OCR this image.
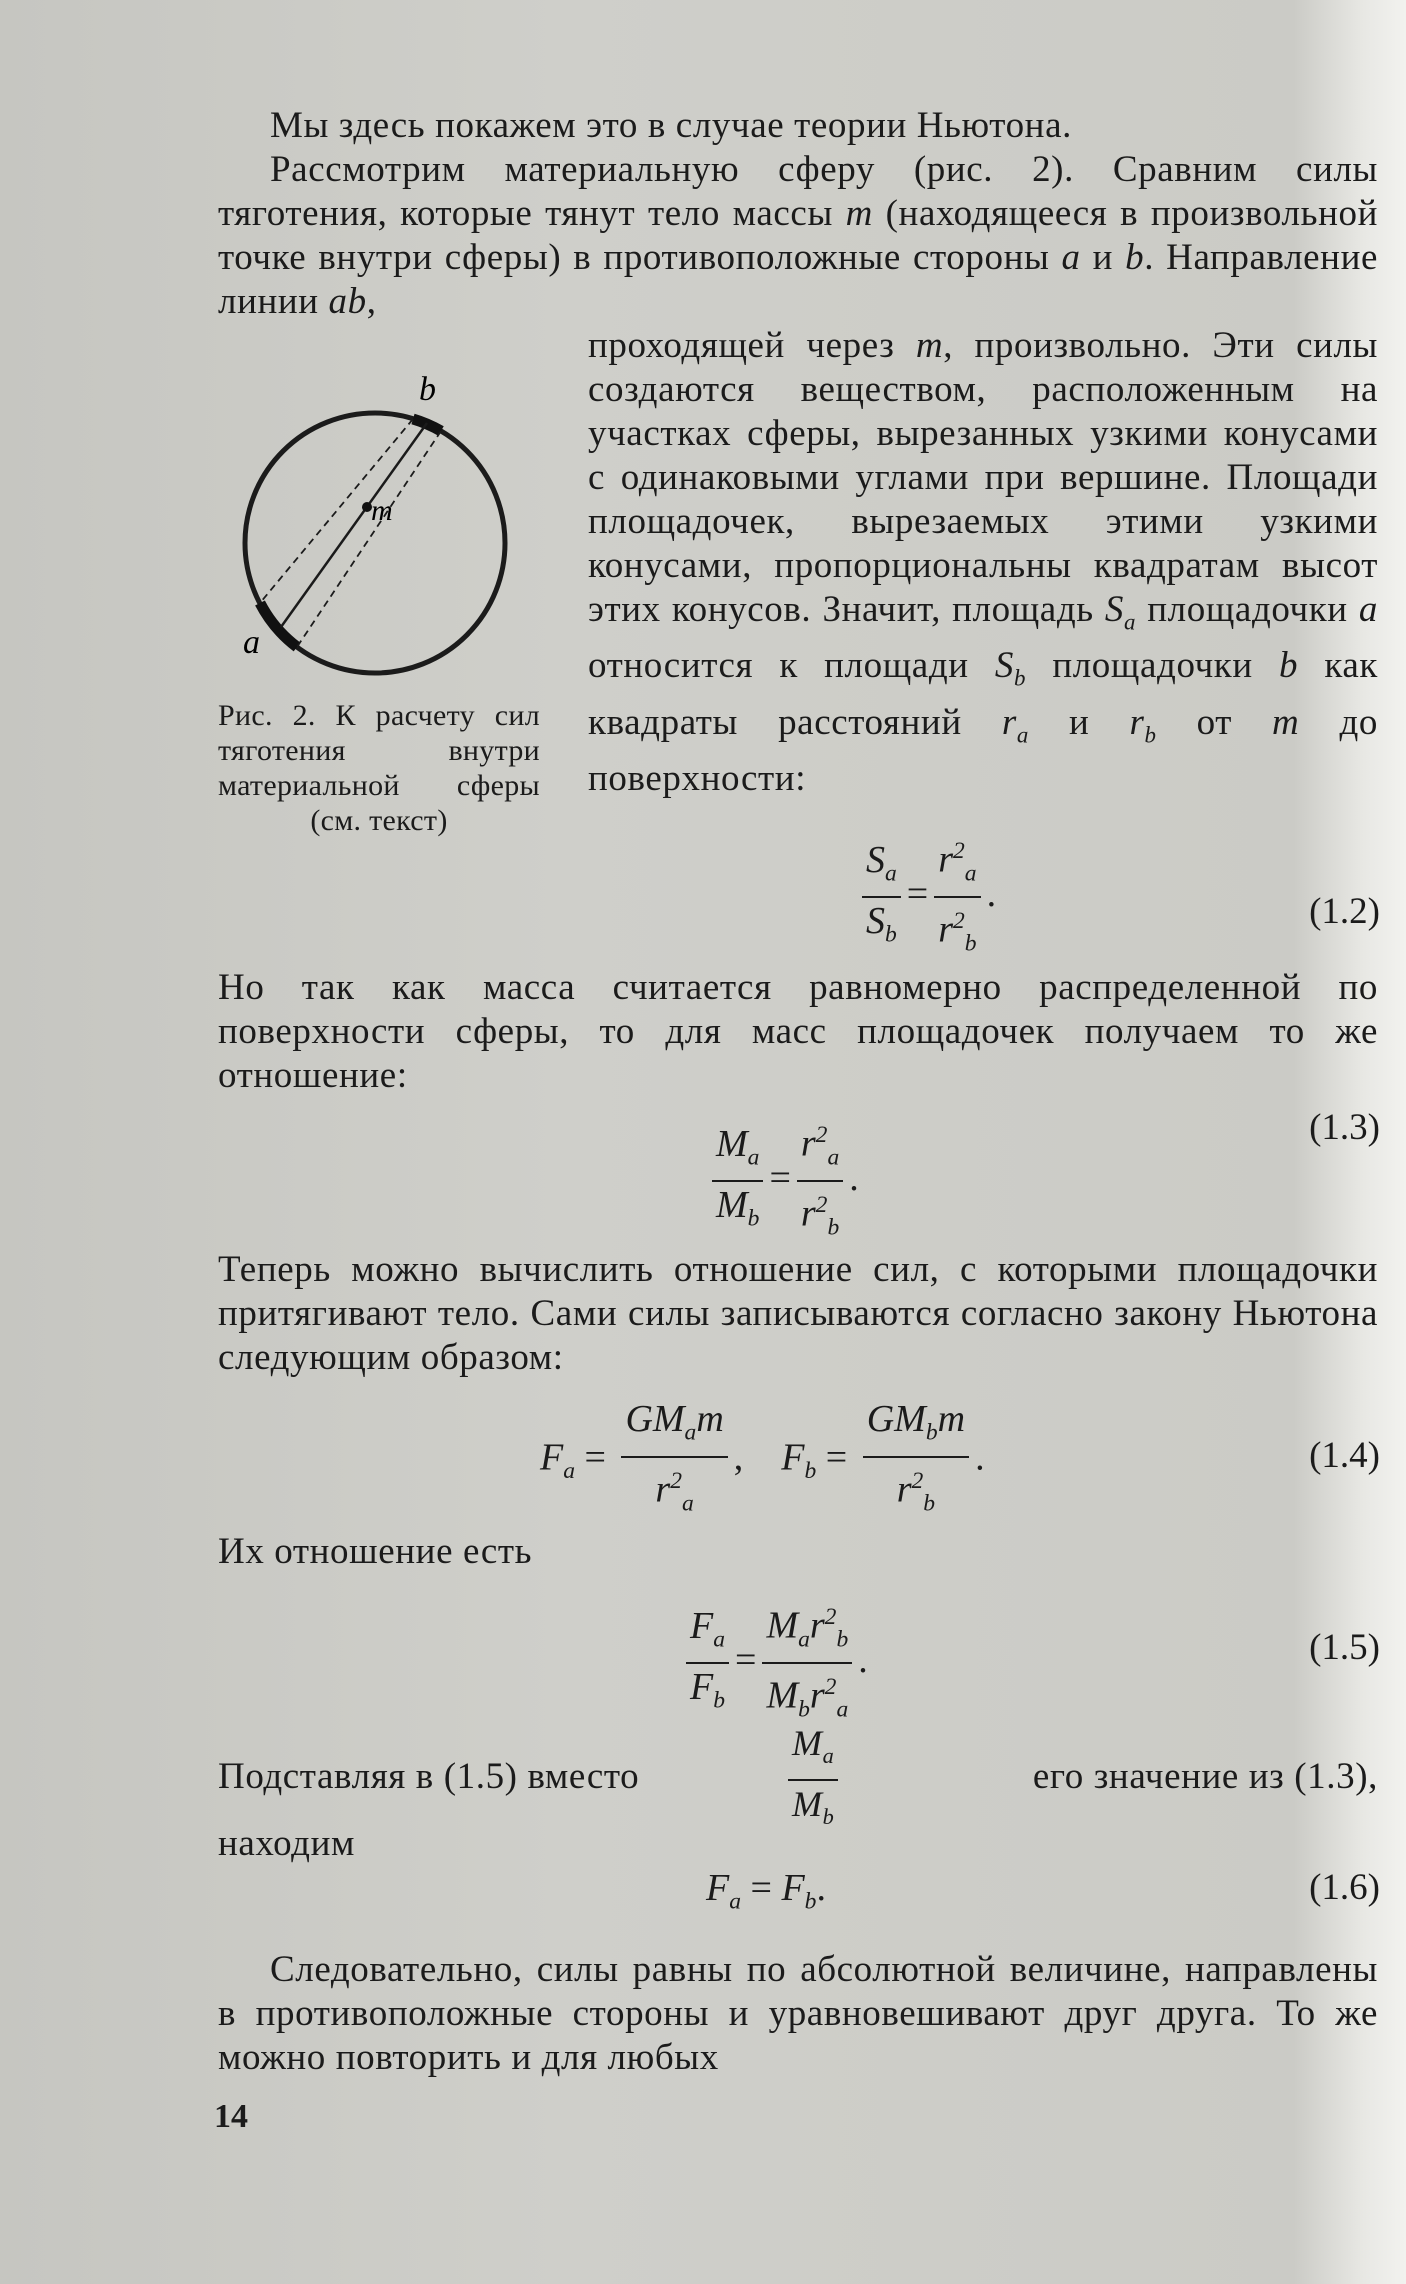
Мы здесь покажем это в случае теории Ньютона.

Рассмотрим материальную сферу (рис. 2). Сравним силы тяготения, которые тянут тело массы m (находящееся в произвольной точке внутри сферы) в противоположные стороны a и b. Направление линии ab,

проходящей через m, произвольно. Эти силы создаются веществом, расположенным на участках сферы, вырезанных узкими конусами с одинаковыми углами при вершине. Площади площадочек, вырезаемых этими узкими конусами, пропорциональны квадратам высот этих конусов. Значит, площадь $S_a$ площадочки a относится к площади $S_b$ площадочки b как квадраты расстояний $r_a$ и $r_b$ от m до поверхности:

b
m
a
Рис. 2. К расчету сил тяготения внутри материальной сферы (см. текст)
$\frac{S_a}{S_b} = \frac{r^2_a}{r^2_b}$ .	(1.2)

Но так как масса считается равномерно распределенной по поверхности сферы, то для масс площадочек получаем то же отношение:

$\frac{M_a}{M_b} = \frac{r^2_a}{r^2_b}$ .
(1.3)

Теперь можно вычислить отношение сил, с которыми площадочки притягивают тело. Сами силы записываются согласно закону Ньютона следующим образом:

$F_a = \frac{GM_am}{r^2_a}$ ,    $F_b = \frac{GM_bm}{r^2_b}$ .	(1.4)

Их отношение есть

$\frac{F_a}{F_b} = \frac{M_ar^2_b}{M_br^2_a}$ .	(1.5)
Подставляя в (1.5) вместо	$\frac{M_a}{M_b}$	его значение из (1.3),

находим

$F_a = F_b$.	(1.6)

Следовательно, силы равны по абсолютной величине, направлены в противоположные стороны и уравновешивают друг друга. То же можно повторить и для любых

14
